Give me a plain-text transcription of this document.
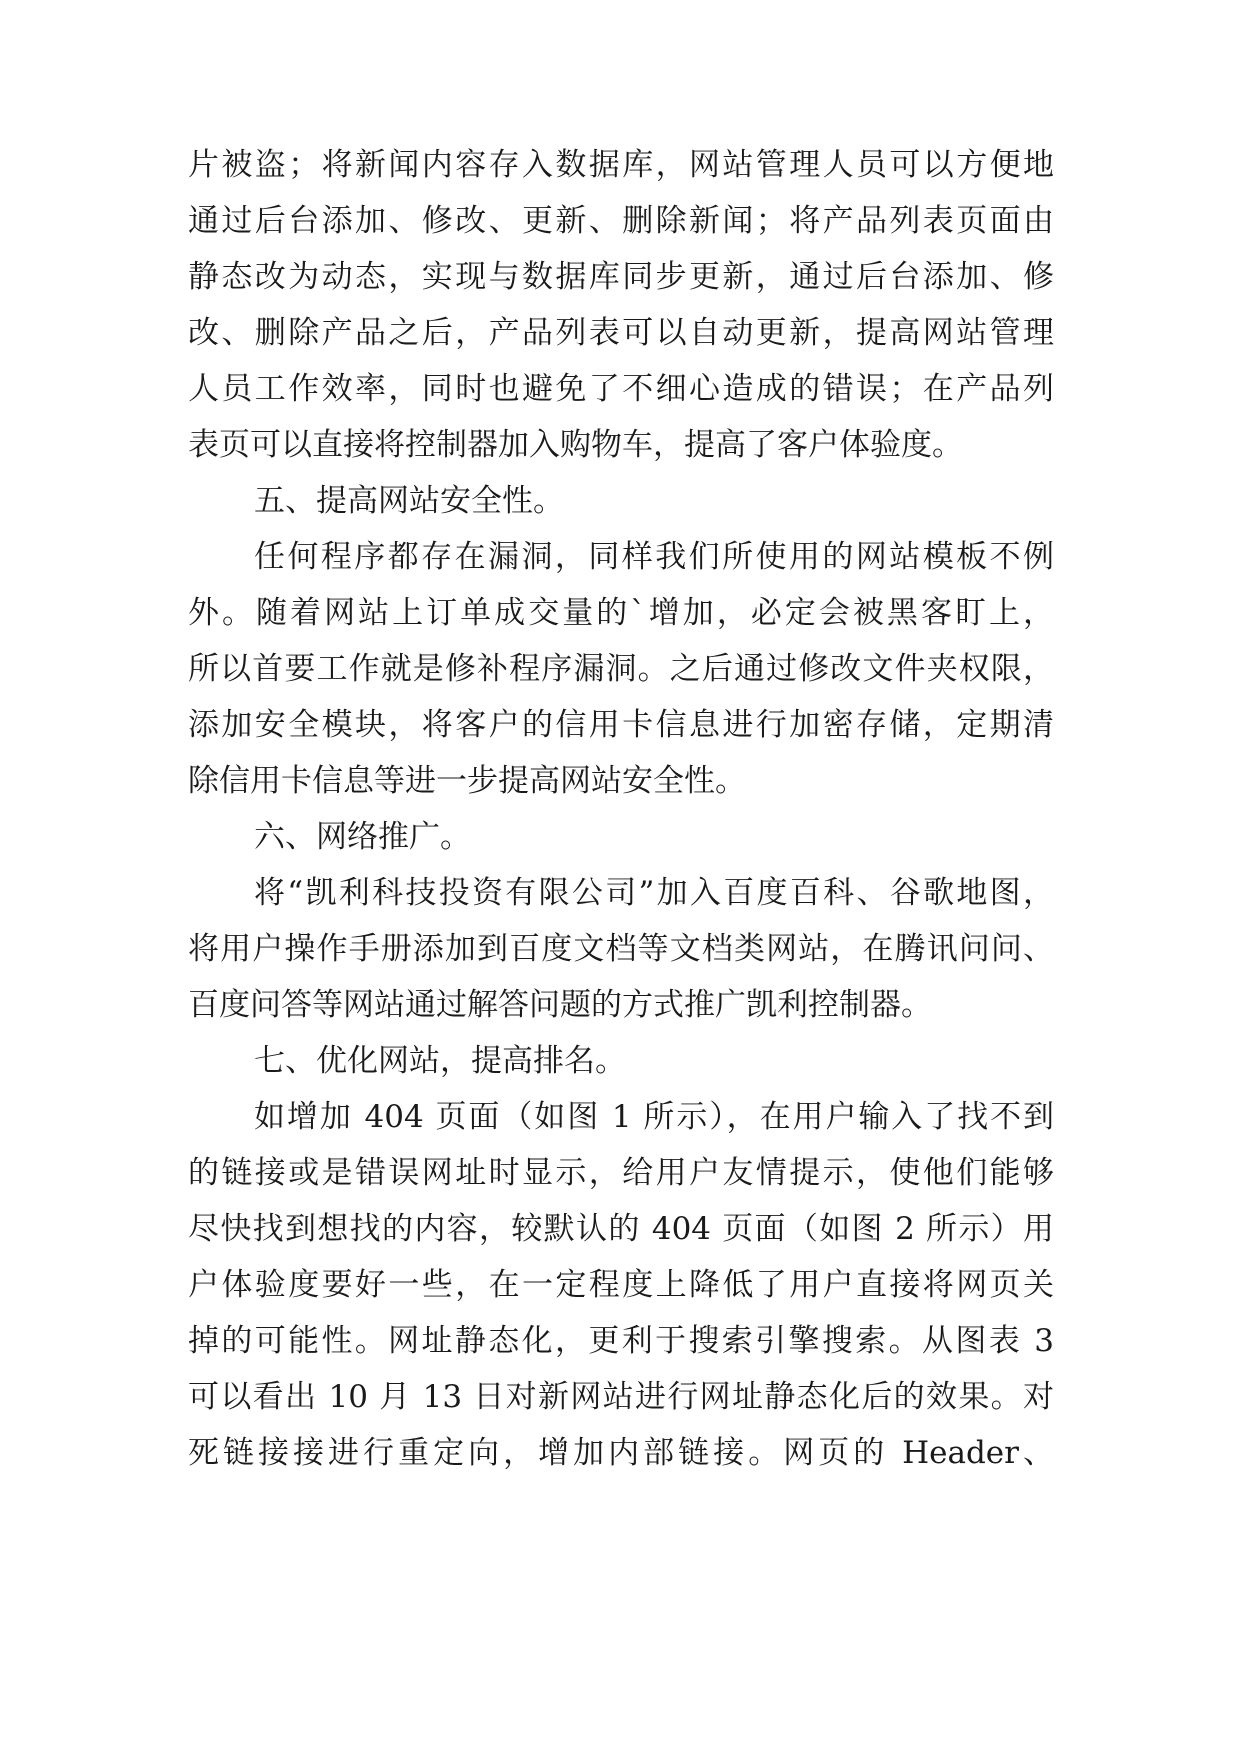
片被盗；将新闻内容存入数据库，网站管理人员可以方便地
通过后台添加、修改、更新、删除新闻；将产品列表页面由
静态改为动态，实现与数据库同步更新，通过后台添加、修
改、删除产品之后，产品列表可以自动更新，提高网站管理
人员工作效率，同时也避免了不细心造成的错误；在产品列
表页可以直接将控制器加入购物车，提高了客户体验度。
五、提高网站安全性。
任何程序都存在漏洞，同样我们所使用的网站模板不例
外。随着网站上订单成交量的`增加，必定会被黑客盯上，
所以首要工作就是修补程序漏洞。之后通过修改文件夹权限，
添加安全模块，将客户的信用卡信息进行加密存储，定期清
除信用卡信息等进一步提高网站安全性。
六、网络推广。
将“凯利科技投资有限公司”加入百度百科、谷歌地图，
将用户操作手册添加到百度文档等文档类网站，在腾讯问问、
百度问答等网站通过解答问题的方式推广凯利控制器。
七、优化网站，提高排名。
如增加 404 页面（如图 1 所示），在用户输入了找不到
的链接或是错误网址时显示，给用户友情提示，使他们能够
尽快找到想找的内容，较默认的 404 页面（如图 2 所示）用
户体验度要好一些，在一定程度上降低了用户直接将网页关
掉的可能性。网址静态化，更利于搜索引擎搜索。从图表 3
可以看出 10 月 13 日对新网站进行网址静态化后的效果。对
死链接接进行重定向，增加内部链接。网页的 Header、
